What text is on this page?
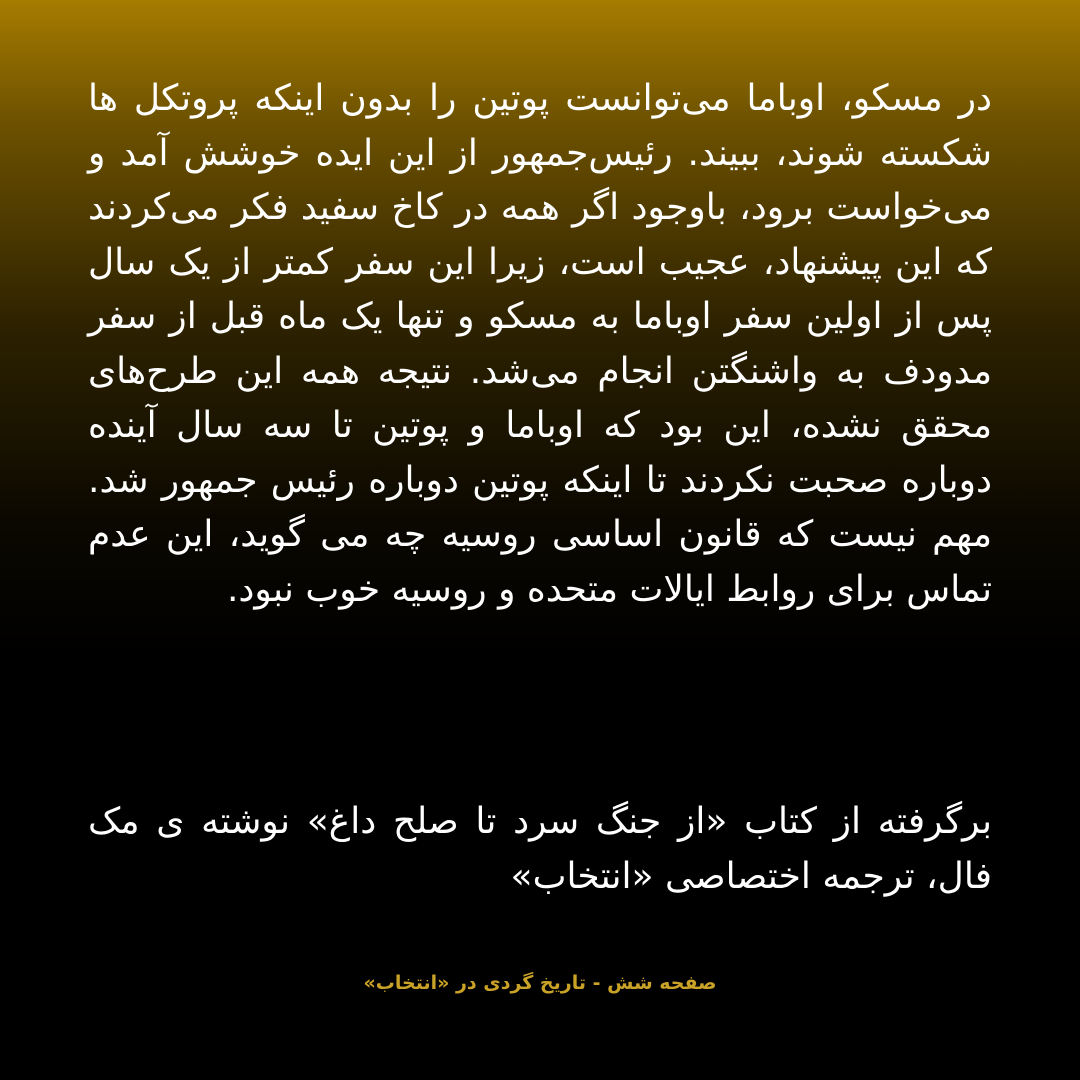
در مسکو، اوباما می‌توانست پوتین را بدون اینکه پروتکل ها شکسته شوند، ببیند. رئیس‌جمهور از این ایده خوشش آمد و می‌خواست برود، باوجود اگر همه در کاخ سفید فکر می‌کردند که این پیشنهاد، عجیب است، زیرا این سفر کمتر از یک سال پس از اولین سفر اوباما به مسکو و تنها یک ماه قبل از سفر مدودف به واشنگتن انجام می‌شد. نتیجه همه این طرح‌های محقق نشده، این بود که اوباما و پوتین تا سه سال آینده دوباره صحبت نکردند تا اینکه پوتین دوباره رئیس جمهور شد. مهم نیست که قانون اساسی روسیه چه می گوید، این عدم تماس برای روابط ایالات متحده و روسیه خوب نبود.

برگرفته از کتاب «از جنگ سرد تا صلح داغ» نوشته ی مک فال، ترجمه اختصاصی «انتخاب»

صفحه شش - تاریخ گردی در «انتخاب»
